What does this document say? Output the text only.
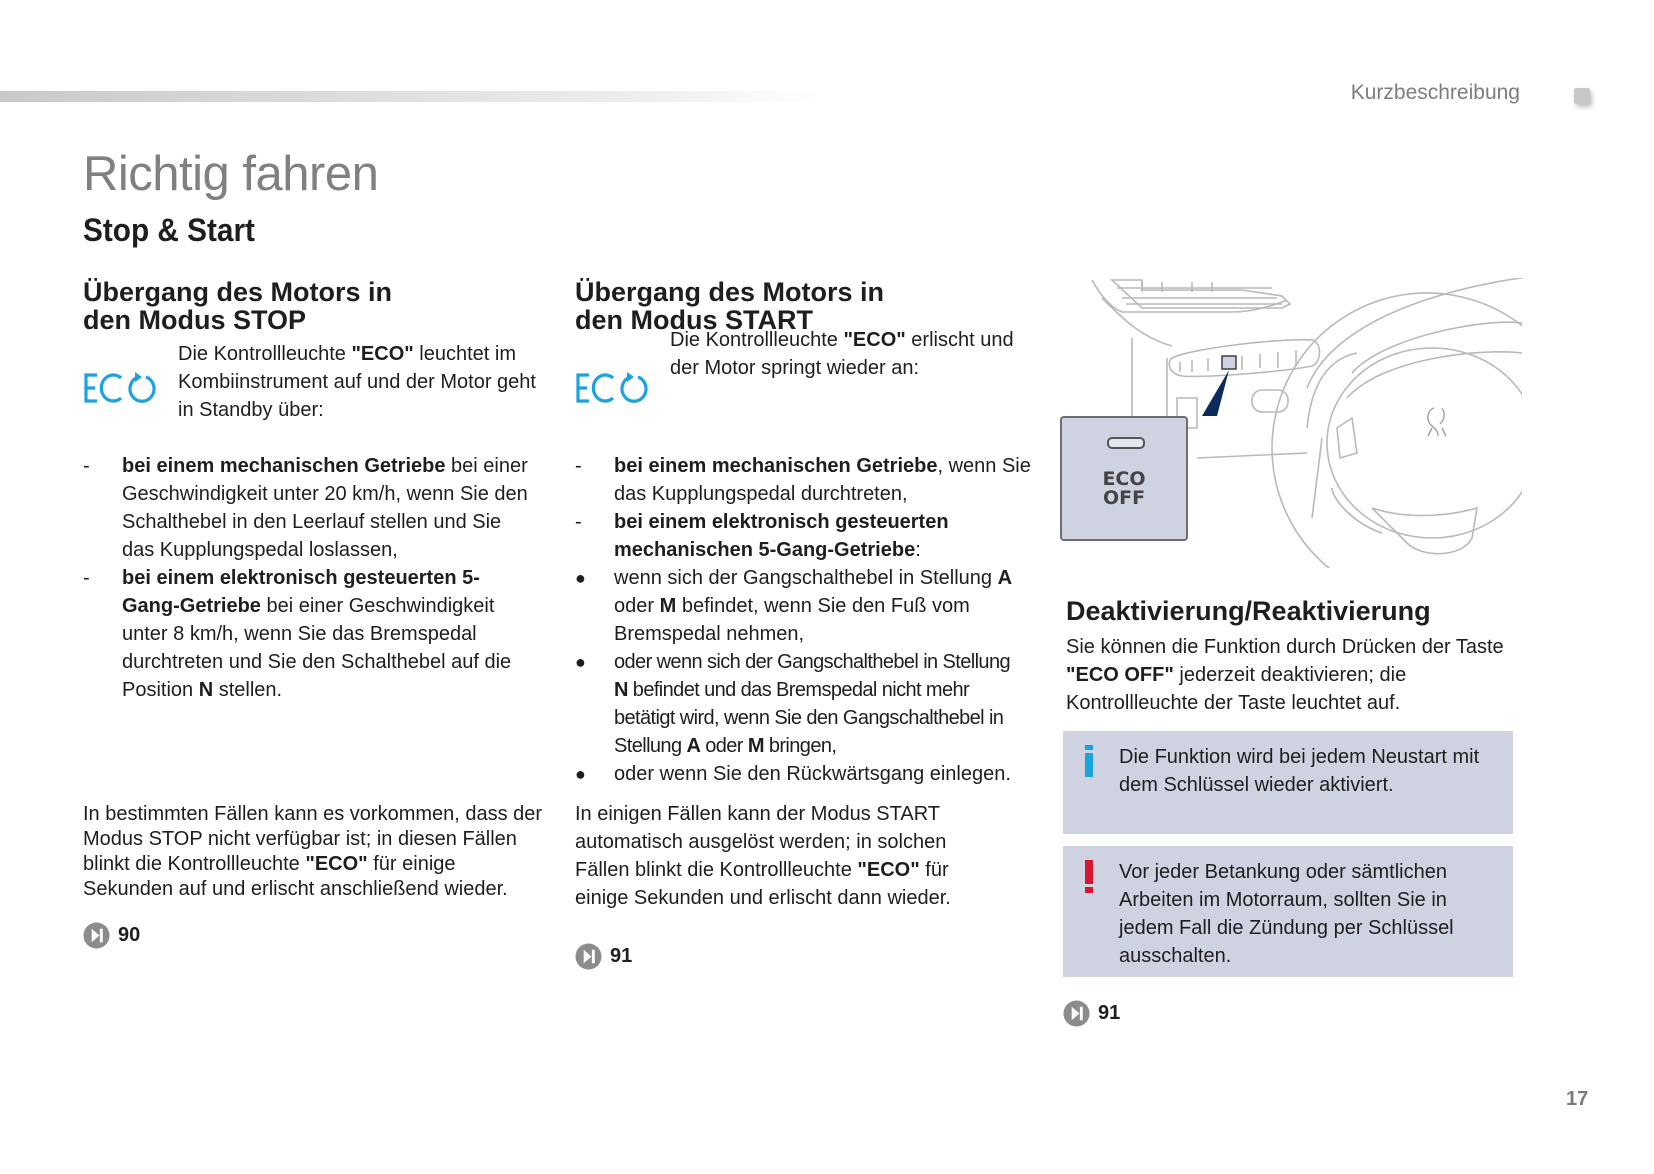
Kurzbeschreibung
Richtig fahren
Stop & Start
Übergang des Motors in
den Modus STOP
Die Kontrollleuchte "ECO" leuchtet im Kombiinstrument auf und der Motor geht in Standby über:
-	bei einem mechanischen Getriebe bei einer Geschwindigkeit unter 20 km/h, wenn Sie den Schalthebel in den Leerlauf stellen und Sie das Kupplungspedal loslassen,
-	bei einem elektronisch gesteuerten 5-Gang-Getriebe bei einer Geschwindigkeit unter 8 km/h, wenn Sie das Bremspedal durchtreten und Sie den Schalthebel auf die Position N stellen.
In bestimmten Fällen kann es vorkommen, dass der Modus STOP nicht verfügbar ist; in diesen Fällen blinkt die Kontrollleuchte "ECO" für einige Sekunden auf und erlischt anschließend wieder.
90
Übergang des Motors in
den Modus START
Die Kontrollleuchte "ECO" erlischt und der Motor springt wieder an:
-	bei einem mechanischen Getriebe, wenn Sie das Kupplungspedal durchtreten,
-	bei einem elektronisch gesteuerten mechanischen 5-Gang-Getriebe:
●	wenn sich der Gangschalthebel in Stellung A oder M befindet, wenn Sie den Fuß vom Bremspedal nehmen,
●	oder wenn sich der Gangschalthebel in Stellung N befindet und das Bremspedal nicht mehr betätigt wird, wenn Sie den Gangschalthebel in Stellung A oder M bringen,
●	oder wenn Sie den Rückwärtsgang einlegen.
In einigen Fällen kann der Modus START automatisch ausgelöst werden; in solchen Fällen blinkt die Kontrollleuchte "ECO" für einige Sekunden und erlischt dann wieder.
91
ECO
OFF
Deaktivierung/Reaktivierung
Sie können die Funktion durch Drücken der Taste "ECO OFF" jederzeit deaktivieren; die Kontrollleuchte der Taste leuchtet auf.
Die Funktion wird bei jedem Neustart mit dem Schlüssel wieder aktiviert.
Vor jeder Betankung oder sämtlichen Arbeiten im Motorraum, sollten Sie in jedem Fall die Zündung per Schlüssel ausschalten.
91
17
